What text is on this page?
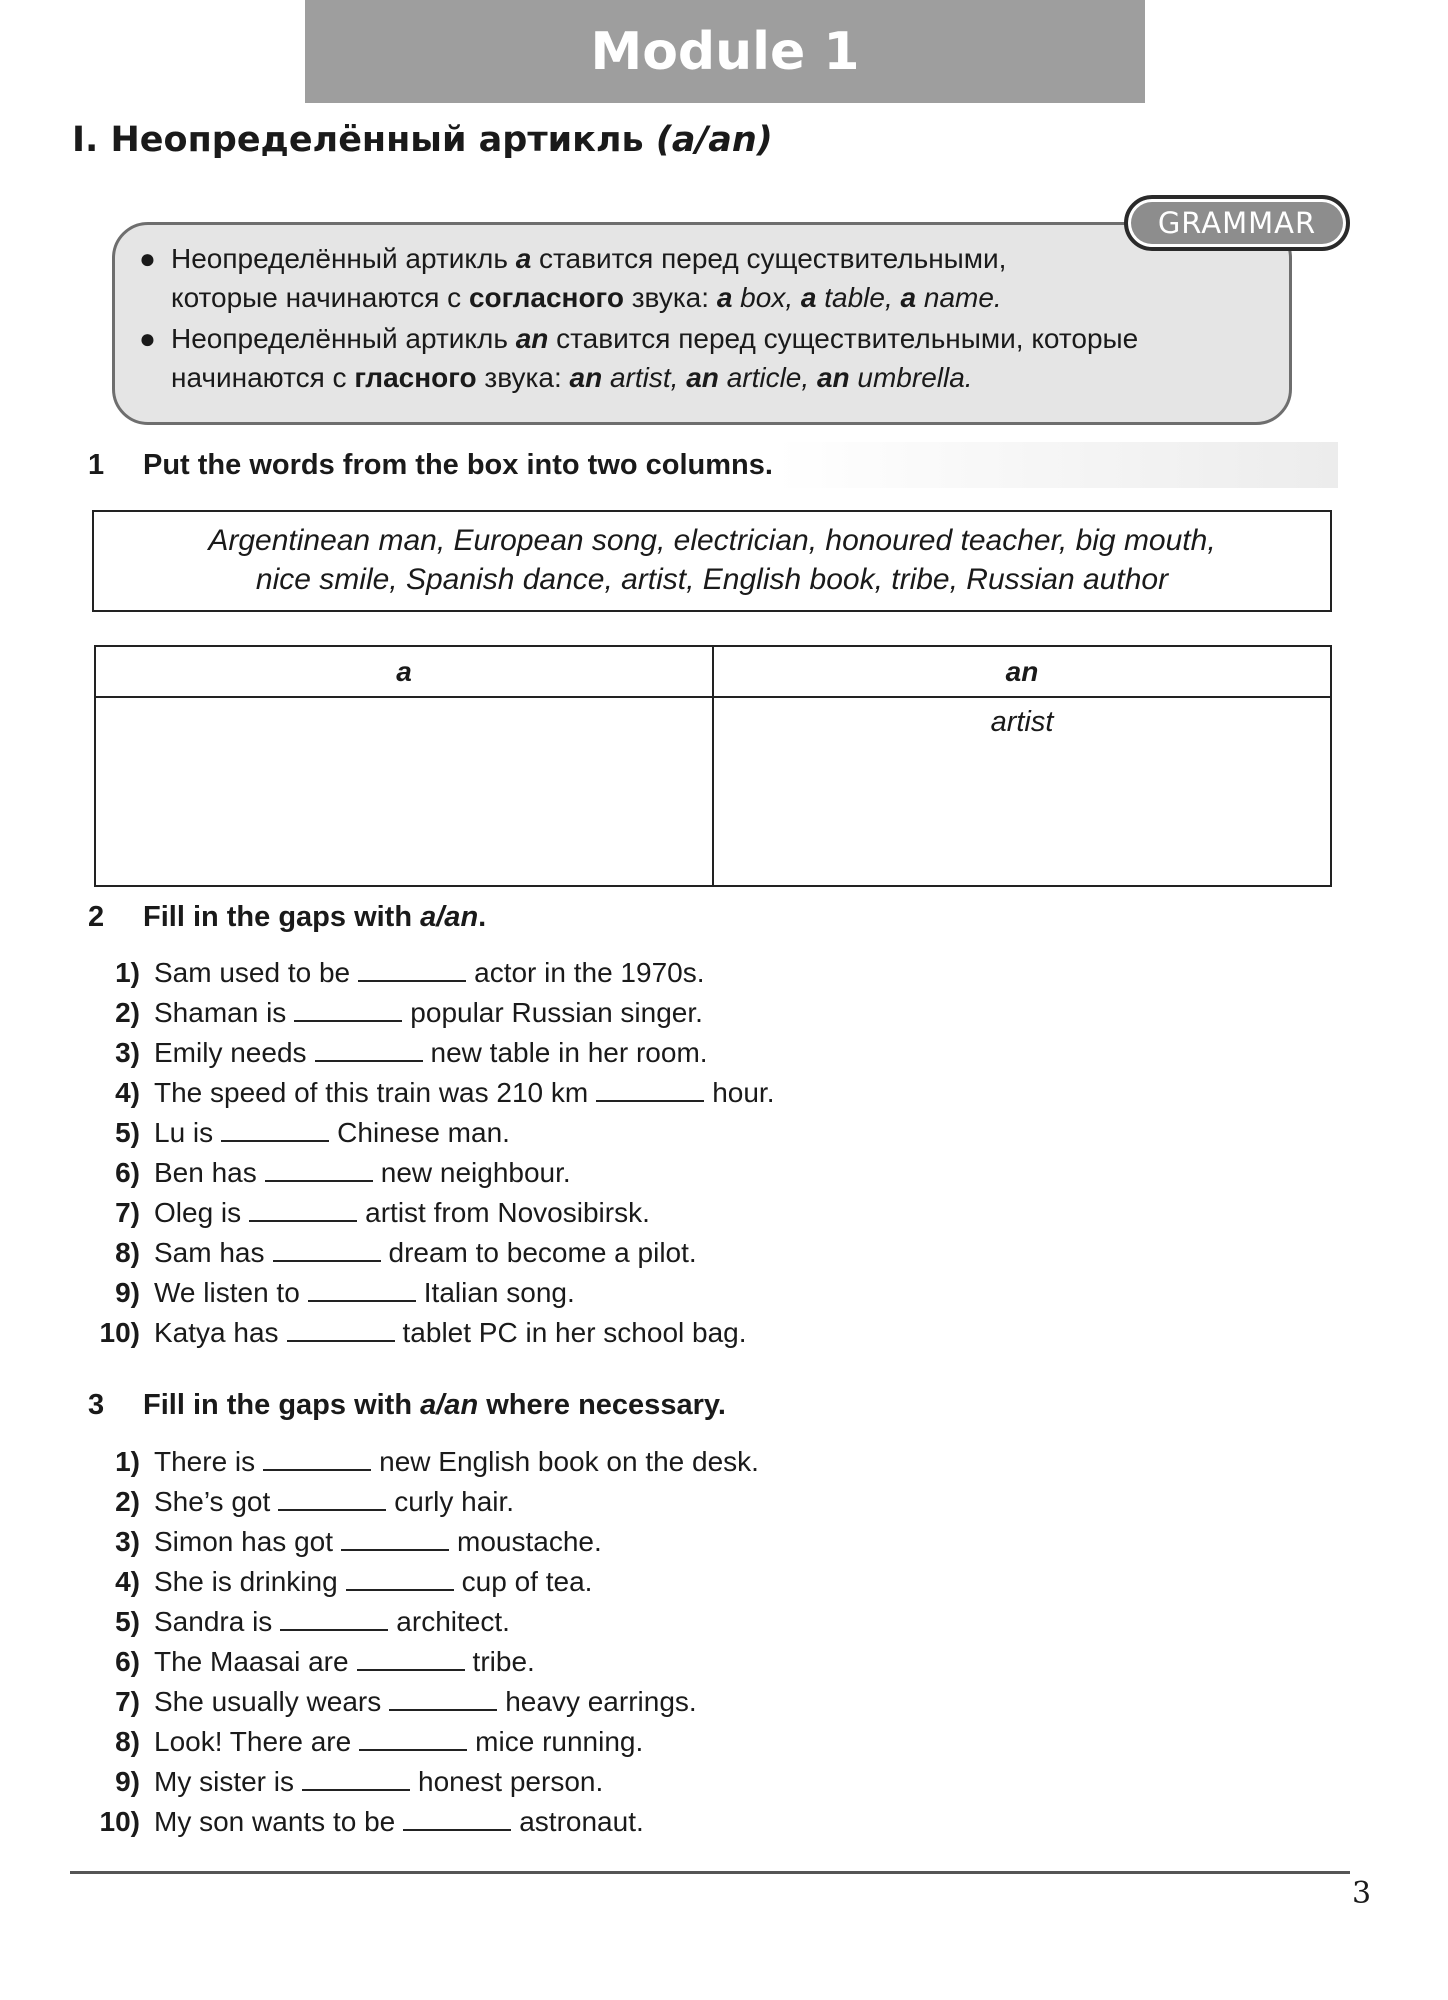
Module 1
I. Неопределённый артикль (a/an)
● Неопределённый артикль a ставится перед существительными,
которые начинаются с согласного звука: a box, a table, a name.
● Неопределённый артикль an ставится перед существительными, которые
начинаются с гласного звука: an artist, an article, an umbrella.
GRAMMAR
1	Put the words from the box into two columns.
Argentinean man, European song, electrician, honoured teacher, big mouth,
nice smile, Spanish dance, artist, English book, tribe, Russian author
a	an
	artist
2	Fill in the gaps with a/an.
1) Sam used to be	actor in the 1970s.
2) Shaman is	popular Russian singer.
3) Emily needs	new table in her room.
4) The speed of this train was 210 km	hour.
5) Lu is	Chinese man.
6) Ben has	new neighbour.
7) Oleg is	artist from Novosibirsk.
8) Sam has	dream to become a pilot.
9) We listen to	Italian song.
10) Katya has	tablet PC in her school bag.
3	Fill in the gaps with a/an where necessary.
1) There is	new English book on the desk.
2) She’s got	curly hair.
3) Simon has got	moustache.
4) She is drinking	cup of tea.
5) Sandra is	architect.
6) The Maasai are	tribe.
7) She usually wears	heavy earrings.
8) Look! There are	mice running.
9) My sister is	honest person.
10) My son wants to be	astronaut.
3
